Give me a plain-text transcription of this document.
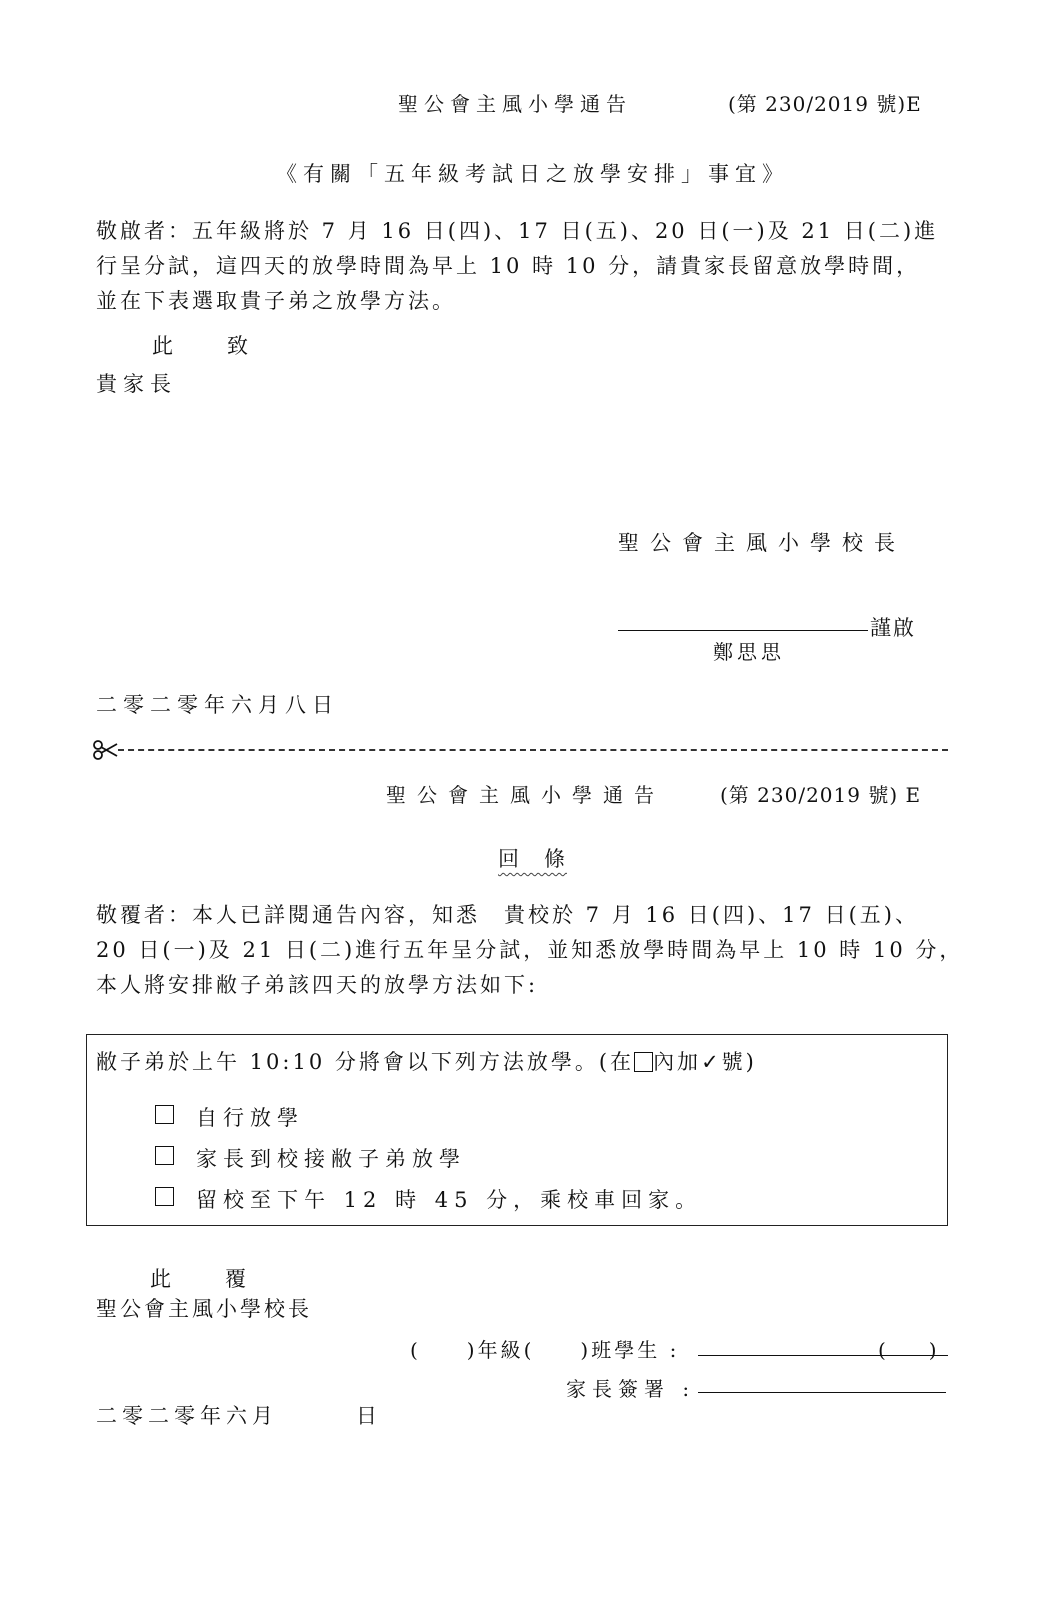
聖公會主風小學通告	(第 230/2019 號)E
《有關「五年級考試日之放學安排」事宜》
敬啟者：五年級將於 7 月 16 日(四)、17 日(五)、20 日(一)及 21 日(二)進
行呈分試，這四天的放學時間為早上 10 時 10 分，請貴家長留意放學時間，
並在下表選取貴子弟之放學方法。
此　　致
貴家長
聖公會主風小學校長
謹啟
鄭思思
二零二零年六月八日
聖公會主風小學通告	(第 230/2019 號) E
回　條
敬覆者：本人已詳閱通告內容，知悉　貴校於 7 月 16 日(四)、17 日(五)、
20 日(一)及 21 日(二)進行五年呈分試，並知悉放學時間為早上 10 時 10 分，
本人將安排敝子弟該四天的放學方法如下:
敝子弟於上午 10:10 分將會以下列方法放學。(在 內加✓號)
自行放學
家長到校接敝子弟放學
留校至下午 12 時 45 分，乘校車回家。
此　　覆
聖公會主風小學校長
(　　)年級(　　)班學生 :	(　　)
家長簽署 :
二零二零年六月　　　日
